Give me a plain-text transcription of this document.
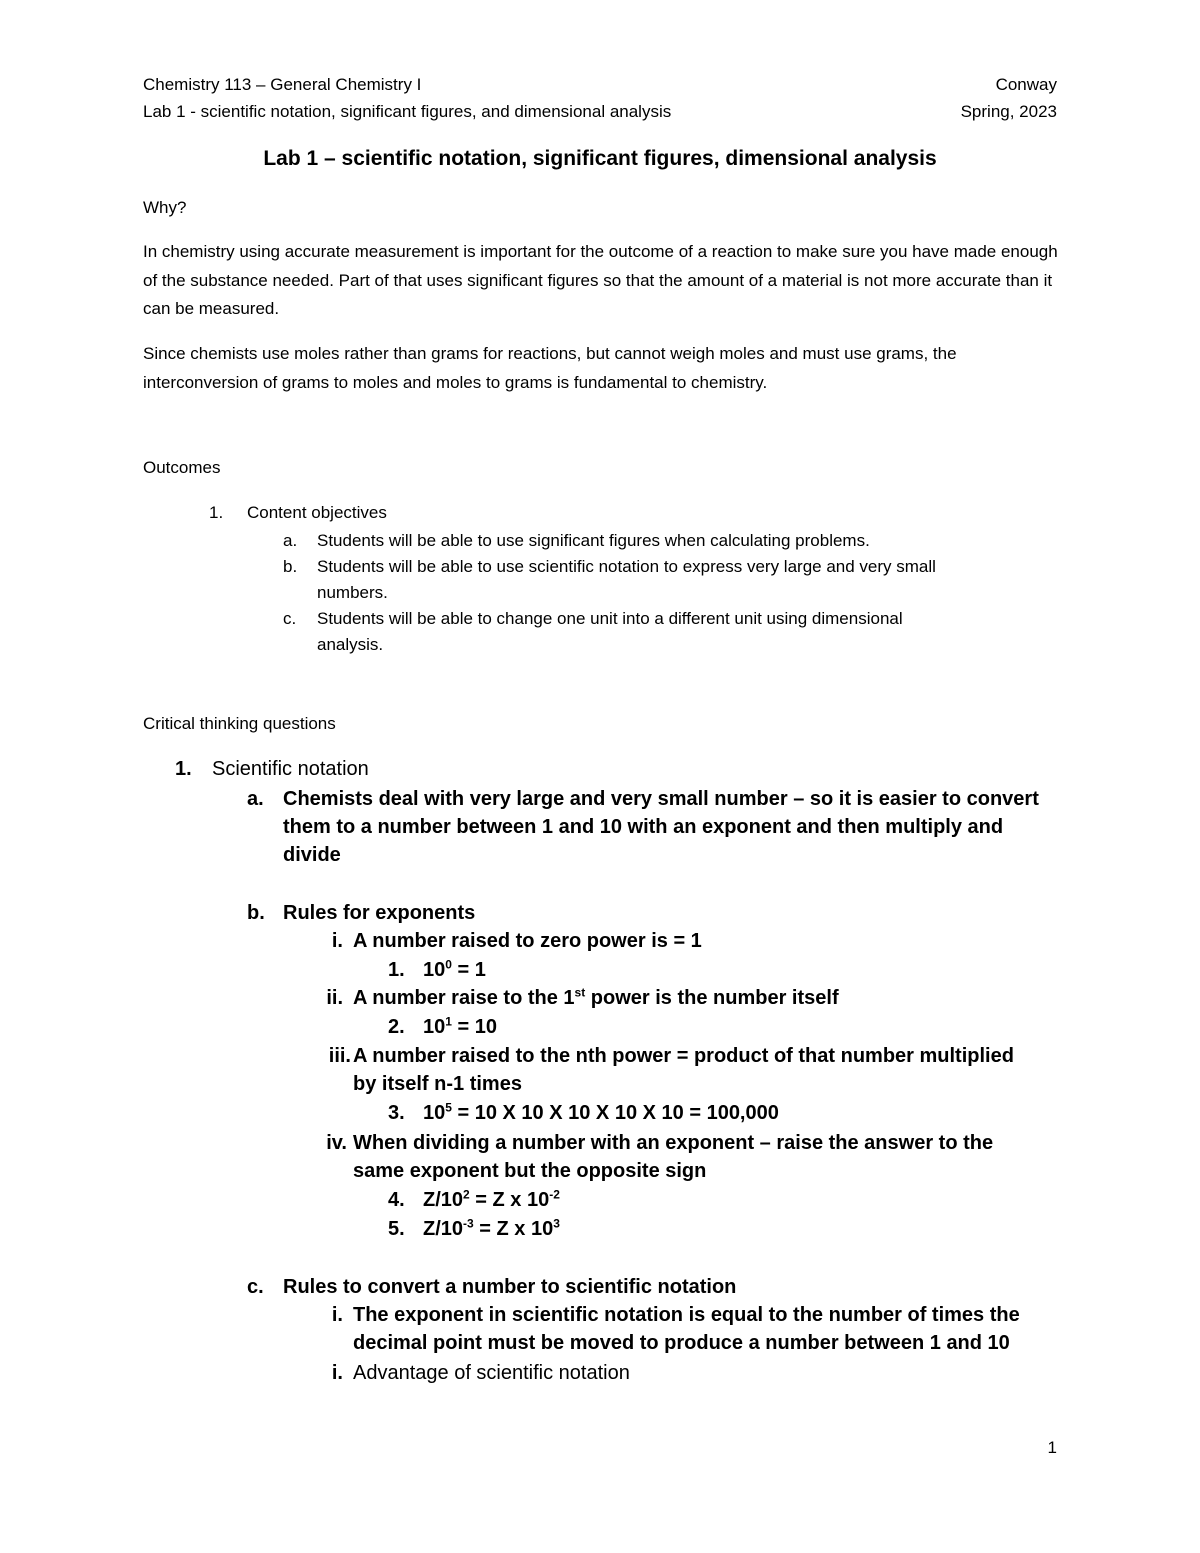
Chemistry 113 – General Chemistry I	Conway
Lab 1 - scientific notation, significant figures, and dimensional analysis	Spring, 2023
Lab 1 – scientific notation, significant figures, dimensional analysis
Why?
In chemistry using accurate measurement is important for the outcome of a reaction to make sure you have made enough of the substance needed. Part of that uses significant figures so that the amount of a material is not more accurate than it can be measured.
Since chemists use moles rather than grams for reactions, but cannot weigh moles and must use grams, the interconversion of grams to moles and moles to grams is fundamental to chemistry.
Outcomes
1. Content objectives
a. Students will be able to use significant figures when calculating problems.
b. Students will be able to use scientific notation to express very large and very small
numbers.
c. Students will be able to change one unit into a different unit using dimensional
analysis.
Critical thinking questions
1. Scientific notation
a. Chemists deal with very large and very small number – so it is easier to convert
them to a number between 1 and 10 with an exponent and then multiply and
divide
b. Rules for exponents
i. A number raised to zero power is = 1
1. $10^0 = 1$
ii. A number raise to the 1st power is the number itself
2. $10^1 = 10$
iii. A number raised to the nth power = product of that number multiplied
by itself n-1 times
3. $10^5 = 10$ X 10 X 10 X 10 X 10 = 100,000
iv. When dividing a number with an exponent – raise the answer to the
same exponent but the opposite sign
4. $Z/10^2 = Z$ x $10^{-2}$
5. $Z/10^{-3} = Z$ x $10^3$
c. Rules to convert a number to scientific notation
i. The exponent in scientific notation is equal to the number of times the
decimal point must be moved to produce a number between 1 and 10
i. Advantage of scientific notation
1
